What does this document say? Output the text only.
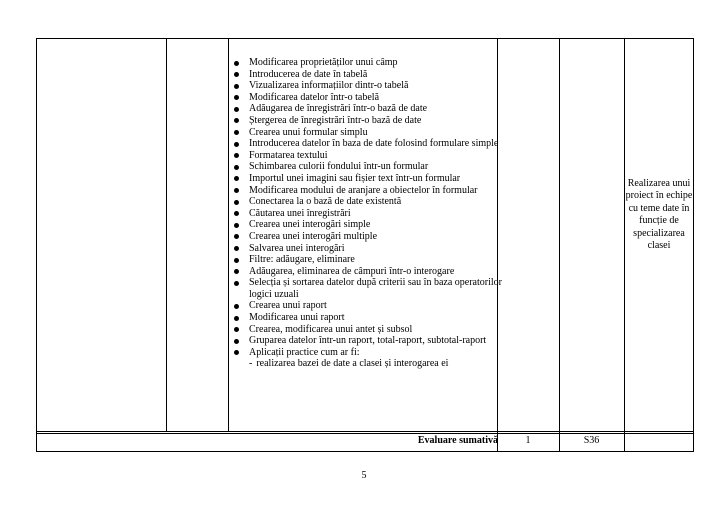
Modificarea proprietăților unui câmp
Introducerea de date în tabelă
Vizualizarea informațiilor dintr-o tabelă
Modificarea datelor într-o tabelă
Adăugarea de înregistrări într-o bază de date
Ștergerea de înregistrări într-o bază de date
Crearea unui formular simplu
Introducerea datelor în baza de date folosind formulare simple
Formatarea textului
Schimbarea culorii fondului într-un formular
Importul unei imagini sau fișier text într-un formular
Modificarea modului de aranjare a obiectelor în formular
Conectarea la o bază de date existentă
Căutarea unei înregistrări
Crearea unei interogări simple
Crearea unei interogări multiple
Salvarea unei interogări
Filtre: adăugare, eliminare
Adăugarea, eliminarea de câmpuri într-o interogare
Selecția și sortarea datelor după criterii sau în baza operatorilor logici uzuali
Crearea unui raport
Modificarea unui raport
Crearea, modificarea unui antet și subsol
Gruparea datelor într-un raport, total-raport, subtotal-raport
Aplicații practice cum ar fi:
- realizarea bazei de date a clasei și interogarea ei
Realizarea unui proiect în echipe cu teme date în funcție de specializarea clasei
Evaluare sumativă	1	S36
5
